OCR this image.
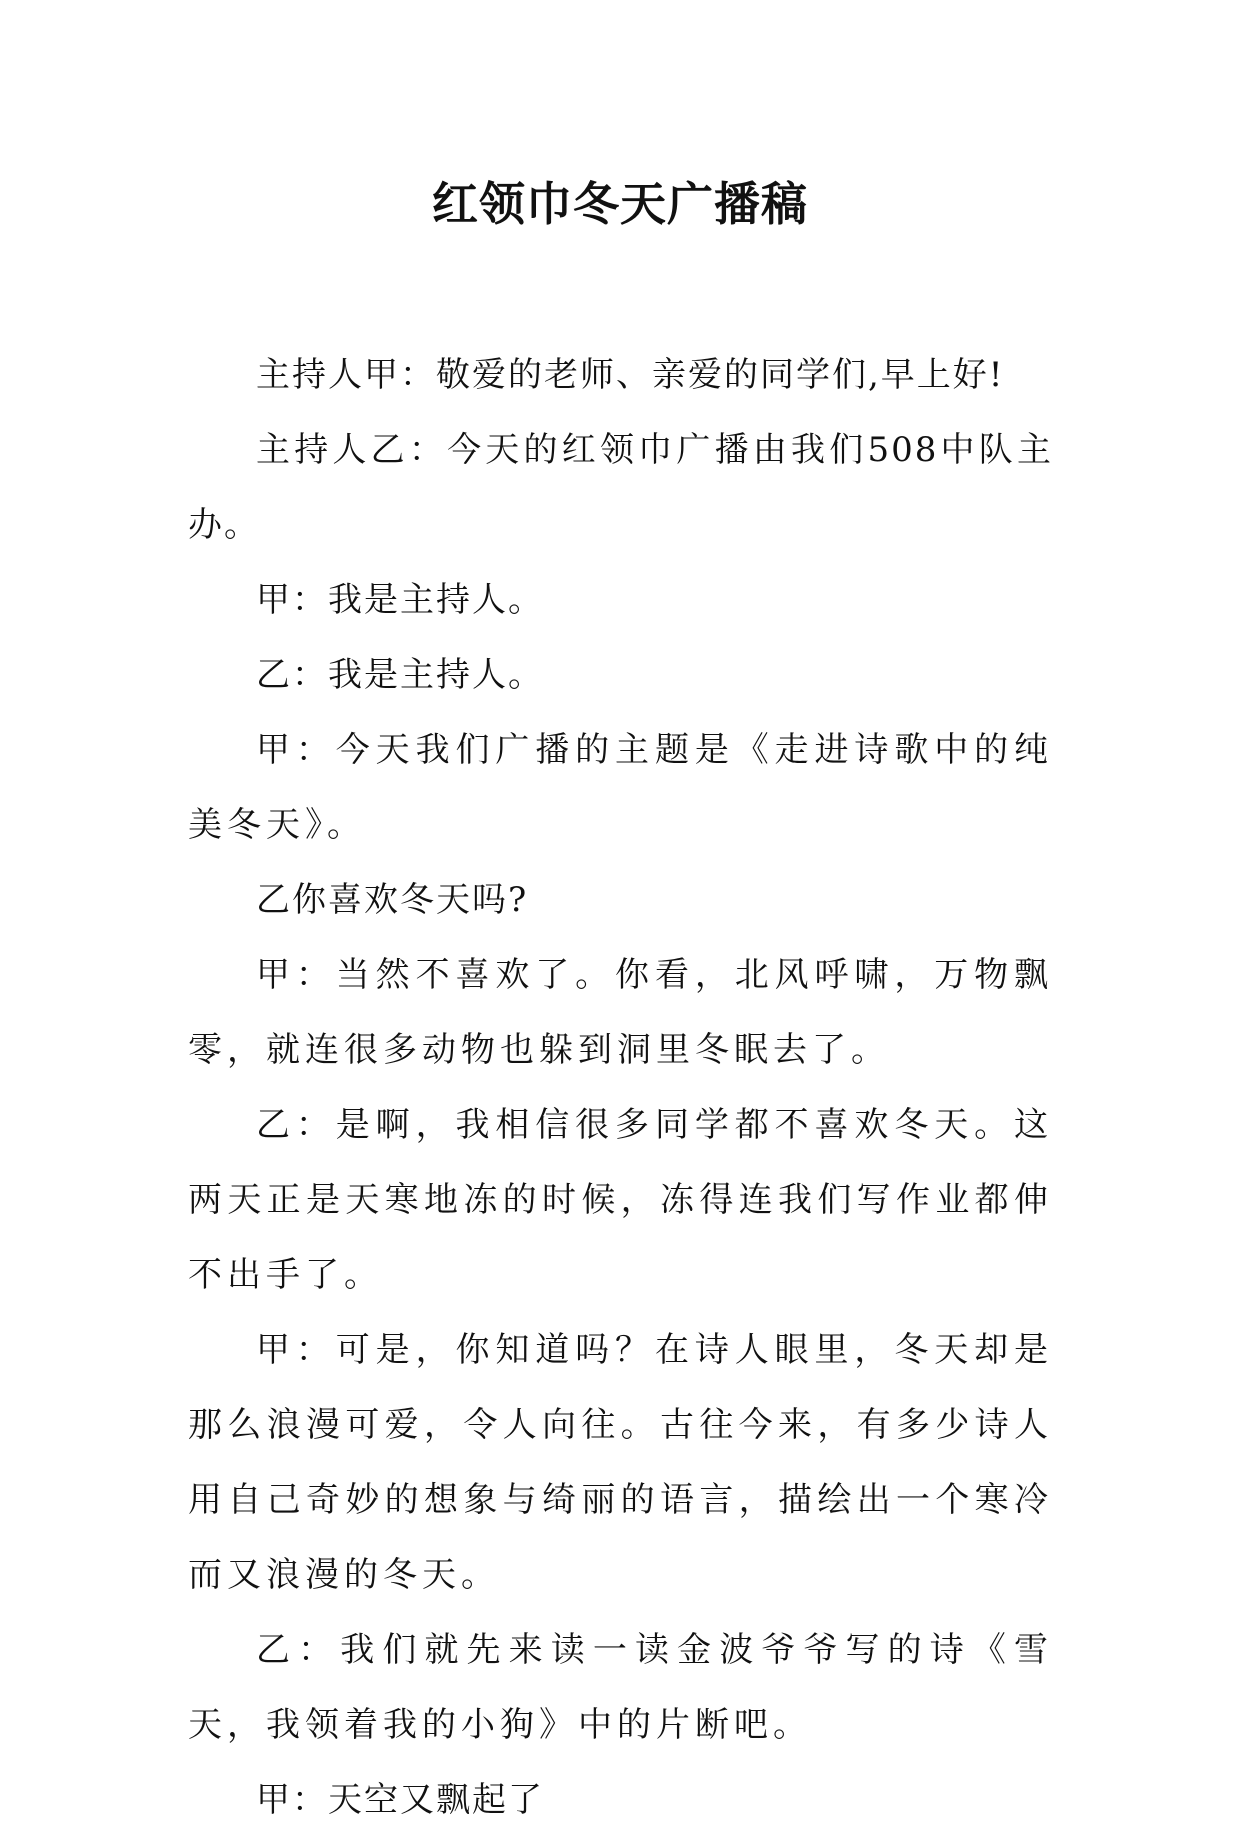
红领巾冬天广播稿

主持人甲：敬爱的老师、亲爱的同学们,早上好!

主持人乙：今天的红领巾广播由我们508中队主办。

甲：我是主持人。

乙：我是主持人。

甲：今天我们广播的主题是《走进诗歌中的纯美冬天》。

乙你喜欢冬天吗?

甲：当然不喜欢了。你看，北风呼啸，万物飘零，就连很多动物也躲到洞里冬眠去了。

乙：是啊，我相信很多同学都不喜欢冬天。这两天正是天寒地冻的时候，冻得连我们写作业都伸不出手了。

甲：可是，你知道吗？在诗人眼里，冬天却是那么浪漫可爱，令人向往。古往今来，有多少诗人用自己奇妙的想象与绮丽的语言，描绘出一个寒冷而又浪漫的冬天。

乙：我们就先来读一读金波爷爷写的诗《雪天，我领着我的小狗》中的片断吧。

甲：天空又飘起了
